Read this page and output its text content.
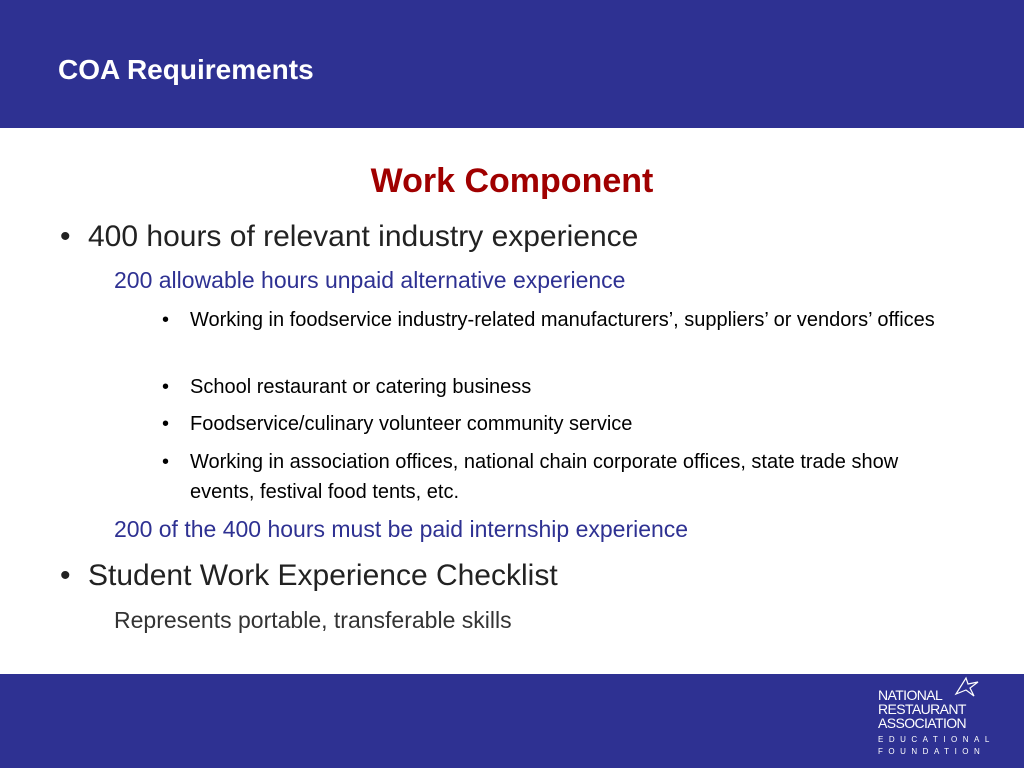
COA Requirements
Work Component
• 400 hours of relevant industry experience
200 allowable hours unpaid alternative experience
• Working in foodservice industry-related manufacturers’, suppliers’ or vendors’ offices
• School restaurant or catering business
• Foodservice/culinary volunteer community service
• Working in association offices, national chain corporate offices, state trade show events, festival food tents, etc.
200 of the 400 hours must be paid internship experience
• Student Work Experience Checklist
Represents portable, transferable skills
NATIONAL
RESTAURANT
ASSOCIATION
EDUCATIONAL
FOUNDATION
